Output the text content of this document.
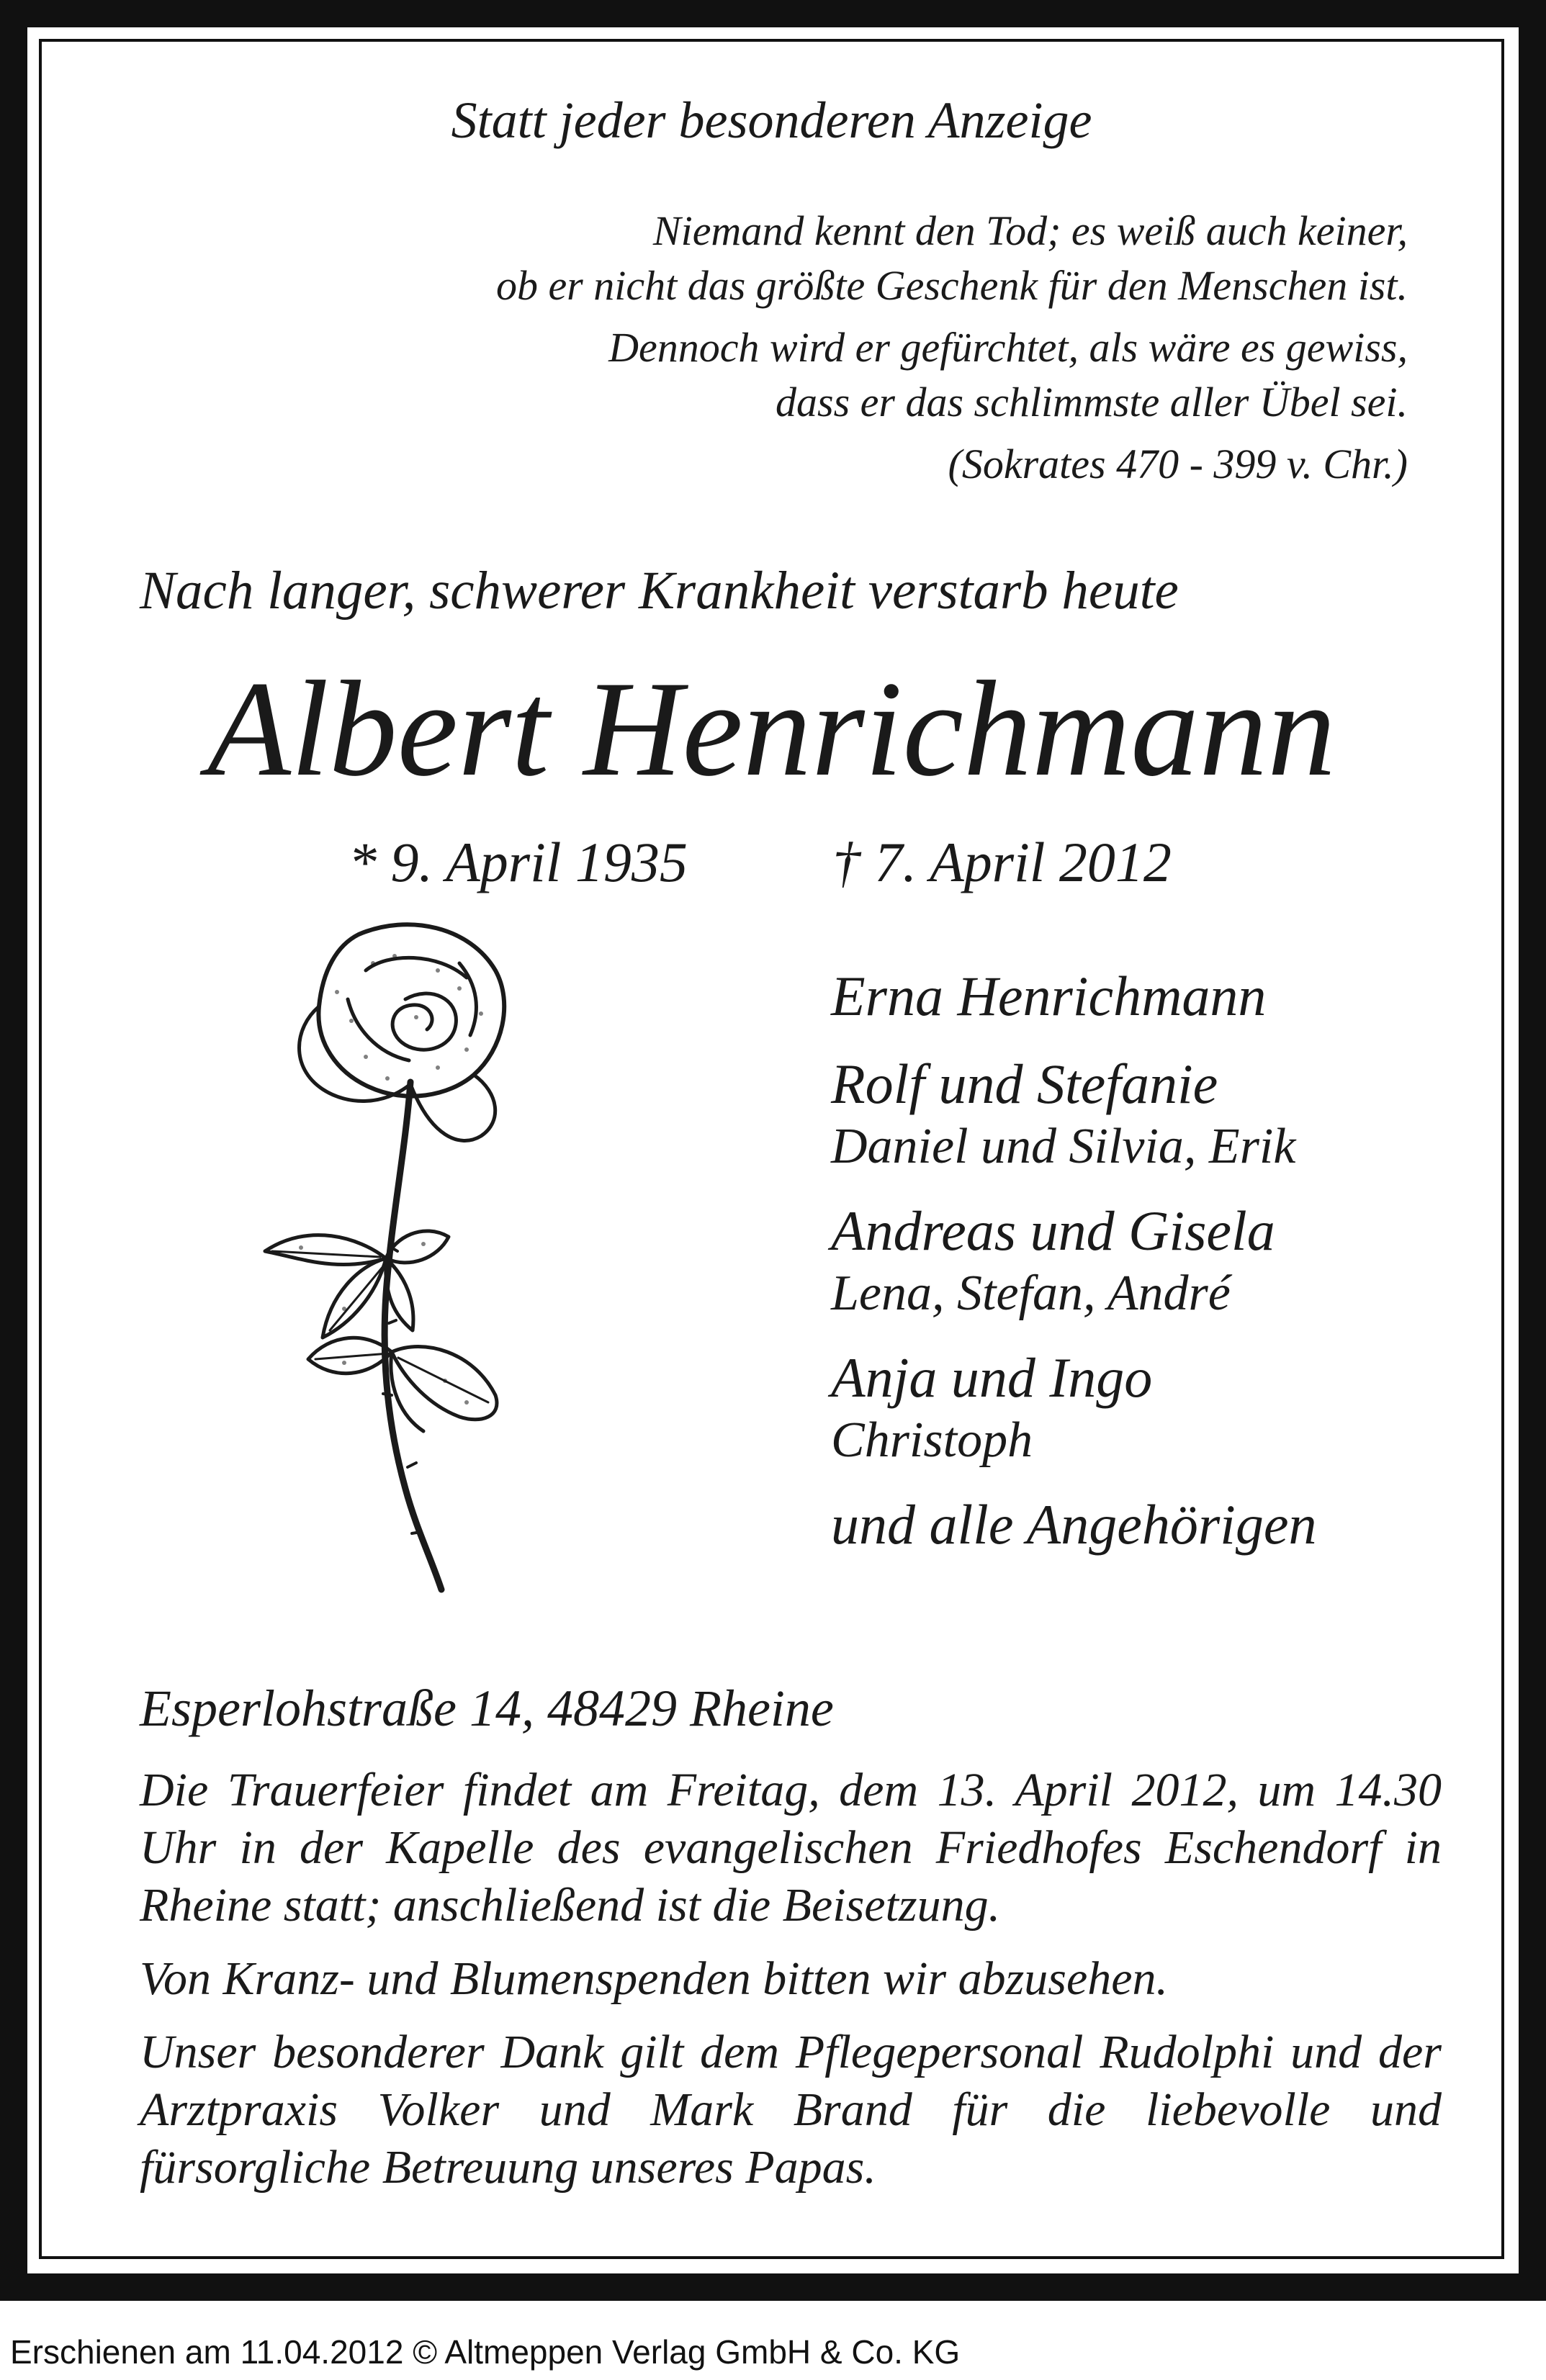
Statt jeder besonderen Anzeige

Niemand kennt den Tod; es weiß auch keiner,
ob er nicht das größte Geschenk für den Menschen ist.

Dennoch wird er gefürchtet, als wäre es gewiss,
dass er das schlimmste aller Übel sei.

(Sokrates 470 - 399 v. Chr.)

Nach langer, schwerer Krankheit verstarb heute
Albert Henrichmann
* 9. April 1935	† 7. April 2012
Erna Henrichmann
Rolf und Stefanie
Daniel und Silvia, Erik
Andreas und Gisela
Lena, Stefan, André
Anja und Ingo
Christoph
und alle Angehörigen

Esperlohstraße 14, 48429 Rheine

Die Trauerfeier findet am Freitag, dem 13. April 2012, um 14.30 Uhr in der Kapelle des evangelischen Friedhofes Eschendorf in Rheine statt; anschließend ist die Beisetzung.

Von Kranz- und Blumenspenden bitten wir abzusehen.

Unser besonderer Dank gilt dem Pflegepersonal Rudolphi und der Arztpraxis Volker und Mark Brand für die liebevolle und fürsorgliche Betreuung unseres Papas.

Erschienen am 11.04.2012 © Altmeppen Verlag GmbH & Co. KG
